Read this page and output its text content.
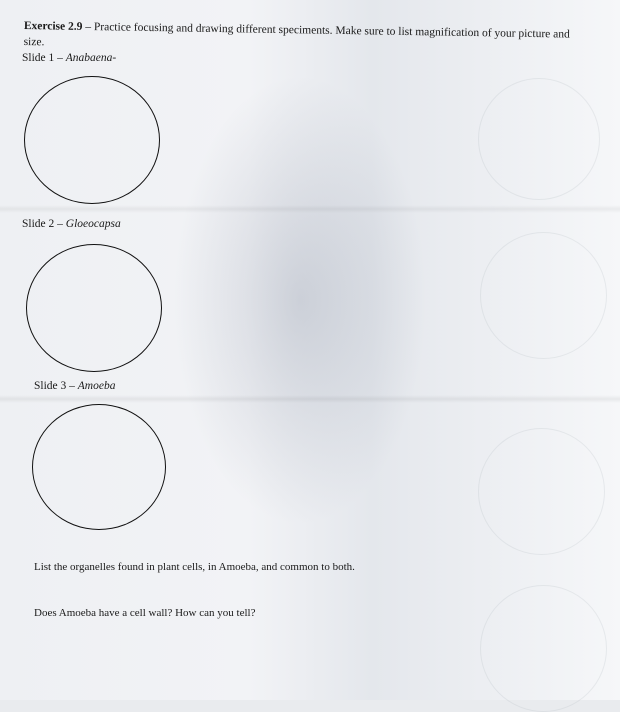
Exercise 2.9 – Practice focusing and drawing different speciments. Make sure to list magnification of your picture and
size.
Slide 1 – Anabaena-
Slide 2 – Gloeocapsa
Slide 3 – Amoeba
List the organelles found in plant cells, in Amoeba, and common to both.
Does Amoeba have a cell wall? How can you tell?
